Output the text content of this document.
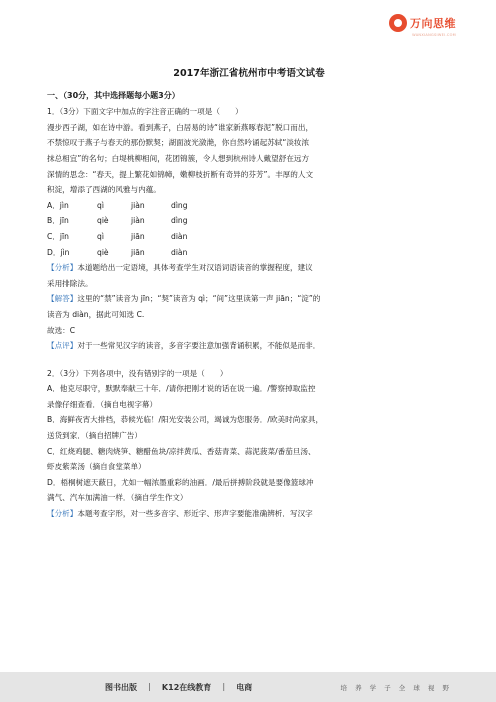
万向思维
WANXIANGSIWEI.COM
2017年浙江省杭州市中考语文试卷
一、（30分，其中选择题每小题3分）

1．（3分）下面文字中加点的字注音正确的一项是（　　）

漫步西子湖，如在诗中游。看到燕子，白居易的诗“谁家新燕啄春泥”脱口而出，

不禁惊叹于燕子与春天的那份默契；湖面波光潋滟，你自然吟诵起苏轼“淡妆浓

抹总相宜”的名句；白堤桃柳相间，花团锦簇，令人想到杭州诗人戴望舒在远方

深情的思念：“春天，提上繁花如锦幛，嫩柳枝折断有奇异的芬芳”。丰厚的人文

积淀，增添了西湖的风雅与内蕴。

A．jìn	qì	jiàn	dìng

B．jīn	qiè	jiàn	dìng

C．jīn	qì	jiān	diàn

D．jìn	qiè	jiān	diàn

【分析】本道题给出一定语境，具体考查学生对汉语词语读音的掌握程度，建议

采用排除法。

【解答】这里的“禁”读音为 jīn；“契”读音为 qì；“间”这里读第一声 jiān；“淀”的

读音为 diàn，据此可知选 C.

故选：C

【点评】对于一些常见汉字的读音，多音字要注意加强背诵积累，不能似是而非．

2．（3分）下列各项中，没有错别字的一项是（　　）

A．他克尽职守，默默奉献三十年．/请你把刚才说的话在说一遍．/警察掉取监控

录像仔细查看．（摘自电视字幕）

B．海鲜夜宵大排档，恭候光临！/阳光安装公司，竭诚为您服务．/欧美时尚家具，

送货到家．（摘自招牌广告）

C．红烧鸡腿、糖肉烧笋、糖醋鱼块/凉拌黄瓜、香菇青菜、蒜泥菠菜/番茄旦汤、

虾皮紫菜汤（摘自食堂菜单）

D．梧桐树遮天蔽日，尤如一幅浓墨重彩的油画．/最后拼搏阶段就是要像篮球冲

满气、汽车加满油一样．（摘自学生作文）

【分析】本题考查字形，对一些多音字、形近字、形声字要能准确辨析．写汉字

图书出版 | K12在线教育 | 电商	培 养 学 子 全 球 视 野
